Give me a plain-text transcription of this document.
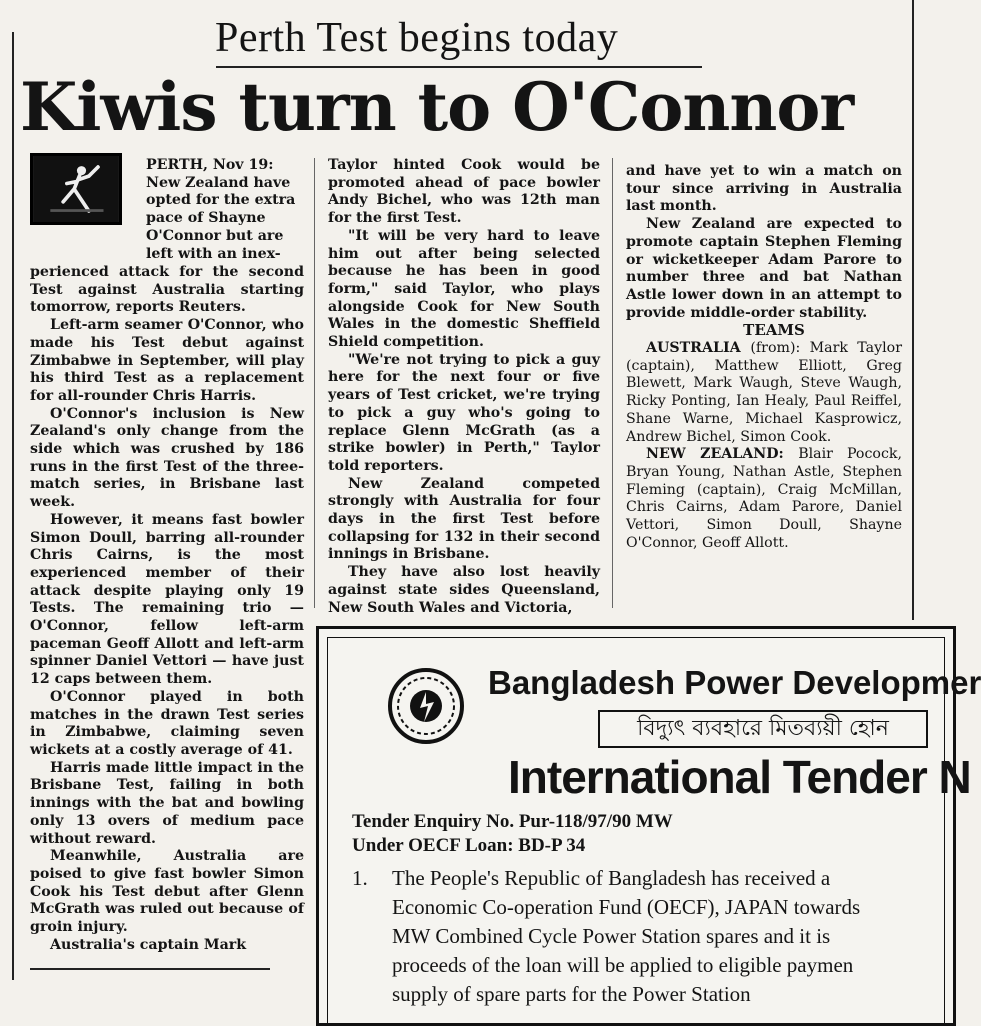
Perth Test begins today
Kiwis turn to O'Connor
PERTH, Nov 19: New Zealand have opted for the extra pace of Shayne O'Connor but are left with an inex-

perienced attack for the second Test against Australia starting tomorrow, reports Reuters.

Left-arm seamer O'Connor, who made his Test debut against Zimbabwe in September, will play his third Test as a replacement for all-rounder Chris Harris.

O'Connor's inclusion is New Zealand's only change from the side which was crushed by 186 runs in the first Test of the three-match series, in Brisbane last week.

However, it means fast bowler Simon Doull, barring all-rounder Chris Cairns, is the most experienced member of their attack despite playing only 19 Tests. The remaining trio — O'Connor, fellow left-arm paceman Geoff Allott and left-arm spinner Daniel Vettori — have just 12 caps between them.

O'Connor played in both matches in the drawn Test series in Zimbabwe, claiming seven wickets at a costly average of 41.

Harris made little impact in the Brisbane Test, failing in both innings with the bat and bowling only 13 overs of medium pace without reward.

Meanwhile, Australia are poised to give fast bowler Simon Cook his Test debut after Glenn McGrath was ruled out because of groin injury.

Australia's captain Mark

Taylor hinted Cook would be promoted ahead of pace bowler Andy Bichel, who was 12th man for the first Test.

"It will be very hard to leave him out after being selected because he has been in good form," said Taylor, who plays alongside Cook for New South Wales in the domestic Sheffield Shield competition.

"We're not trying to pick a guy here for the next four or five years of Test cricket, we're trying to pick a guy who's going to replace Glenn McGrath (as a strike bowler) in Perth," Taylor told reporters.

New Zealand competed strongly with Australia for four days in the first Test before collapsing for 132 in their second innings in Brisbane.

They have also lost heavily against state sides Queensland, New South Wales and Victoria,

and have yet to win a match on tour since arriving in Australia last month.

New Zealand are expected to promote captain Stephen Fleming or wicketkeeper Adam Parore to number three and bat Nathan Astle lower down in an attempt to provide middle-order stability.

TEAMS

AUSTRALIA (from): Mark Taylor (captain), Matthew Elliott, Greg Blewett, Mark Waugh, Steve Waugh, Ricky Ponting, Ian Healy, Paul Reiffel, Shane Warne, Michael Kasprowicz, Andrew Bichel, Simon Cook.

NEW ZEALAND: Blair Pocock, Bryan Young, Nathan Astle, Stephen Fleming (captain), Craig McMillan, Chris Cairns, Adam Parore, Daniel Vettori, Simon Doull, Shayne O'Connor, Geoff Allott.

Bangladesh Power Developmer
বিদ্যুৎ ব্যবহারে মিতব্যয়ী হোন
International Tender N
Tender Enquiry No. Pur-118/97/90 MW
Under OECF Loan: BD-P 34
1. The People's Republic of Bangladesh has received a
Economic Co-operation Fund (OECF), JAPAN towards
MW Combined Cycle Power Station spares and it is
proceeds of the loan will be applied to eligible paymen
supply of spare parts for the Power Station
